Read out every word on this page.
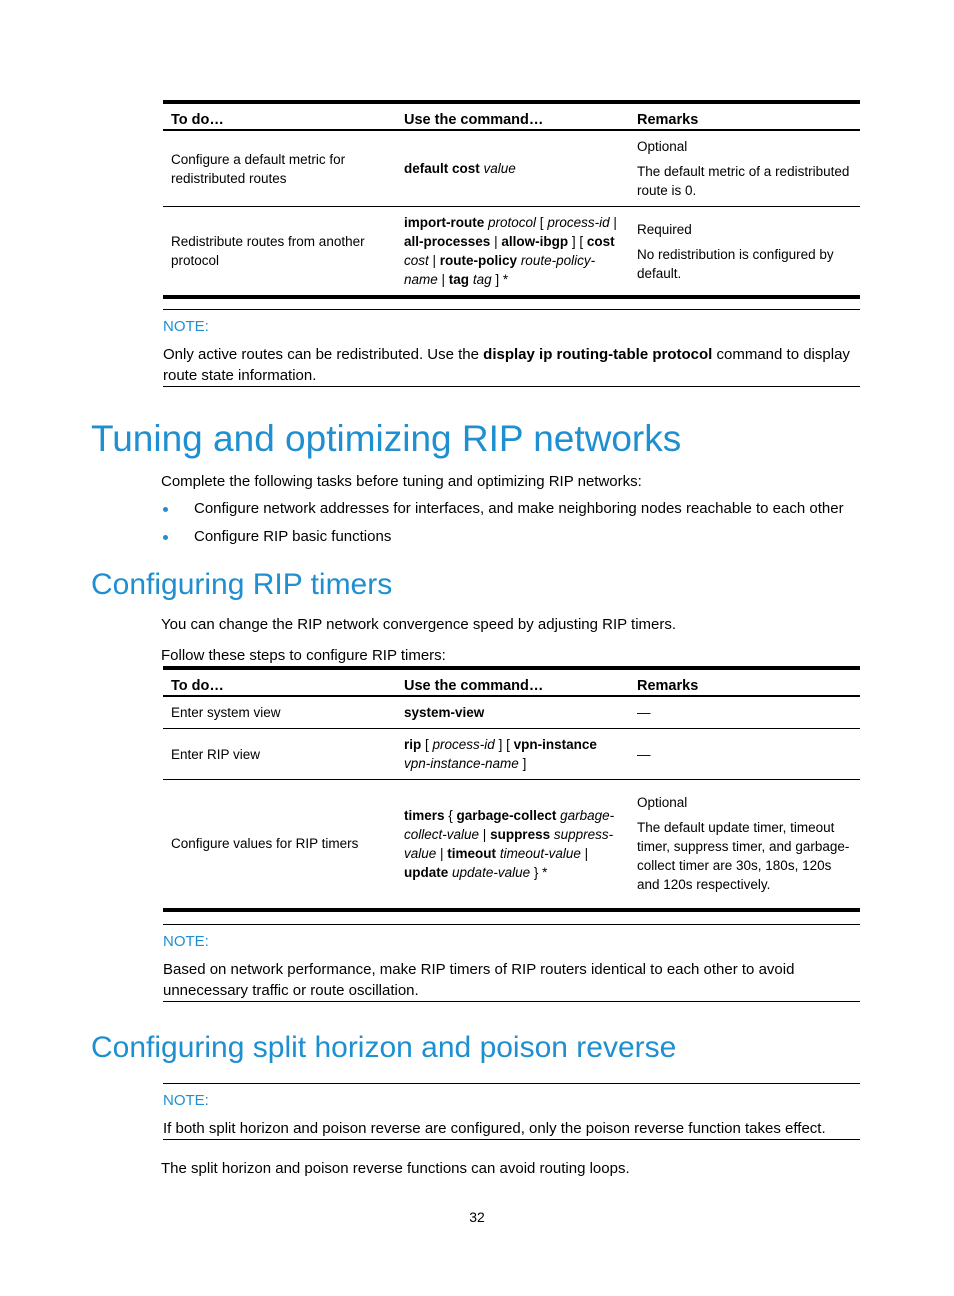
To do…	Use the command…	Remarks
Configure a default metric for redistributed routes	default cost value	Optional
The default metric of a redistributed route is 0.

Redistribute routes from another protocol	import-route protocol [ process-id | all-processes | allow-ibgp ] [ cost cost | route-policy route-policy-name | tag tag ] *	Required
No redistribution is configured by default.
NOTE:
Only active routes can be redistributed. Use the display ip routing-table protocol command to display route state information.
Tuning and optimizing RIP networks
Complete the following tasks before tuning and optimizing RIP networks:
Configure network addresses for interfaces, and make neighboring nodes reachable to each other
Configure RIP basic functions
Configuring RIP timers
You can change the RIP network convergence speed by adjusting RIP timers.
Follow these steps to configure RIP timers:
To do…	Use the command…	Remarks
Enter system view	system-view	—

Enter RIP view	rip [ process-id ] [ vpn-instance vpn-instance-name ]	—

Configure values for RIP timers	timers { garbage-collect garbage-collect-value | suppress suppress-value | timeout timeout-value | update update-value } *	Optional
The default update timer, timeout timer, suppress timer, and garbage-collect timer are 30s, 180s, 120s and 120s respectively.
NOTE:
Based on network performance, make RIP timers of RIP routers identical to each other to avoid unnecessary traffic or route oscillation.
Configuring split horizon and poison reverse
NOTE:
If both split horizon and poison reverse are configured, only the poison reverse function takes effect.
The split horizon and poison reverse functions can avoid routing loops.
32
